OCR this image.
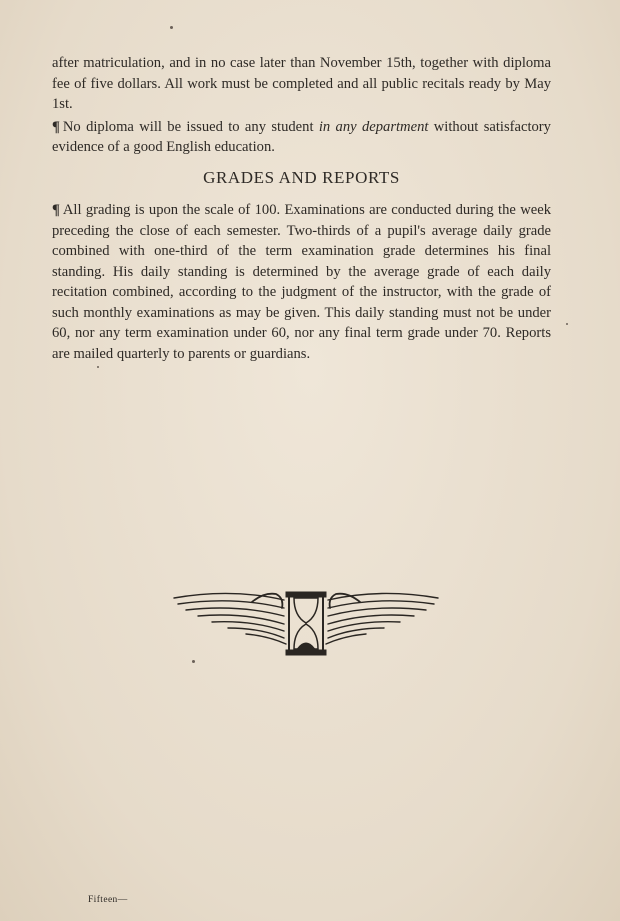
after matriculation, and in no case later than November 15th, together with diploma fee of five dollars. All work must be completed and all public recitals ready by May 1st.

¶ No diploma will be issued to any student in any department without satisfactory evidence of a good English education.

GRADES AND REPORTS

¶ All grading is upon the scale of 100. Examinations are conducted during the week preceding the close of each semester. Two-thirds of a pupil's average daily grade combined with one-third of the term examination grade determines his final standing. His daily standing is determined by the average grade of each daily recitation combined, according to the judgment of the instructor, with the grade of such monthly examinations as may be given. This daily standing must not be under 60, nor any term examination under 60, nor any final term grade under 70. Reports are mailed quarterly to parents or guardians.

Fifteen—
